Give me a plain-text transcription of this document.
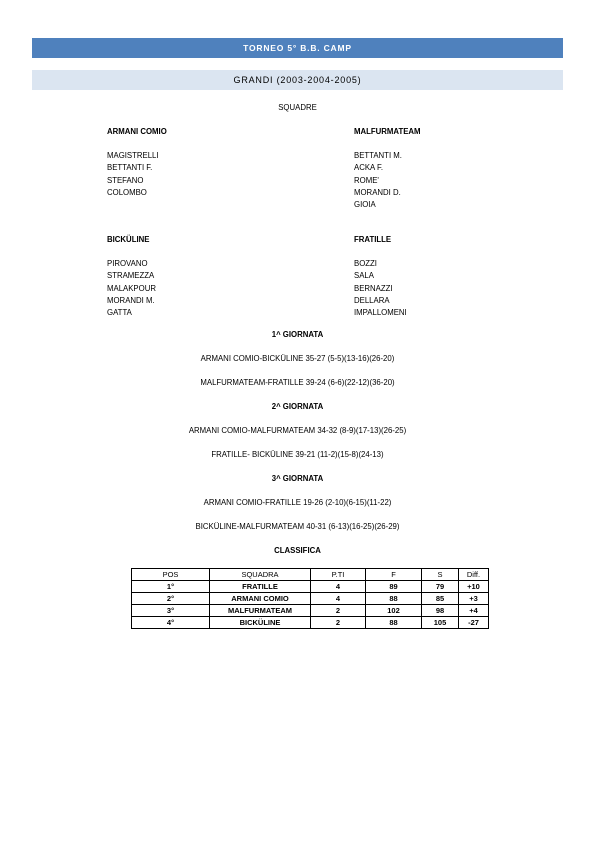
TORNEO 5° B.B. CAMP
GRANDI (2003-2004-2005)
SQUADRE
ARMANI COMIO
MAGISTRELLI
BETTANTI F.
STEFANO
COLOMBO
MALFURMATEAM
BETTANTI M.
ACKA F.
ROME'
MORANDI D.
GIOIA
BICKÜLINE
PIROVANO
STRAMEZZA
MALAKPOUR
MORANDI M.
GATTA
FRATILLE
BOZZI
SALA
BERNAZZI
DELLARA
IMPALLOMENI
1^ GIORNATA
ARMANI COMIO-BICKÜLINE 35-27 (5-5)(13-16)(26-20)
MALFURMATEAM-FRATILLE 39-24 (6-6)(22-12)(36-20)
2^ GIORNATA
ARMANI COMIO-MALFURMATEAM 34-32 (8-9)(17-13)(26-25)
FRATILLE- BICKÜLINE 39-21 (11-2)(15-8)(24-13)
3^ GIORNATA
ARMANI COMIO-FRATILLE 19-26 (2-10)(6-15)(11-22)
BICKÜLINE-MALFURMATEAM 40-31 (6-13)(16-25)(26-29)
CLASSIFICA
POS	SQUADRA	P.TI	F	S	Diff.
1°	FRATILLE	4	89	79	+10
2°	ARMANI COMIO	4	88	85	+3
3°	MALFURMATEAM	2	102	98	+4
4°	BICKÜLINE	2	88	105	-27
